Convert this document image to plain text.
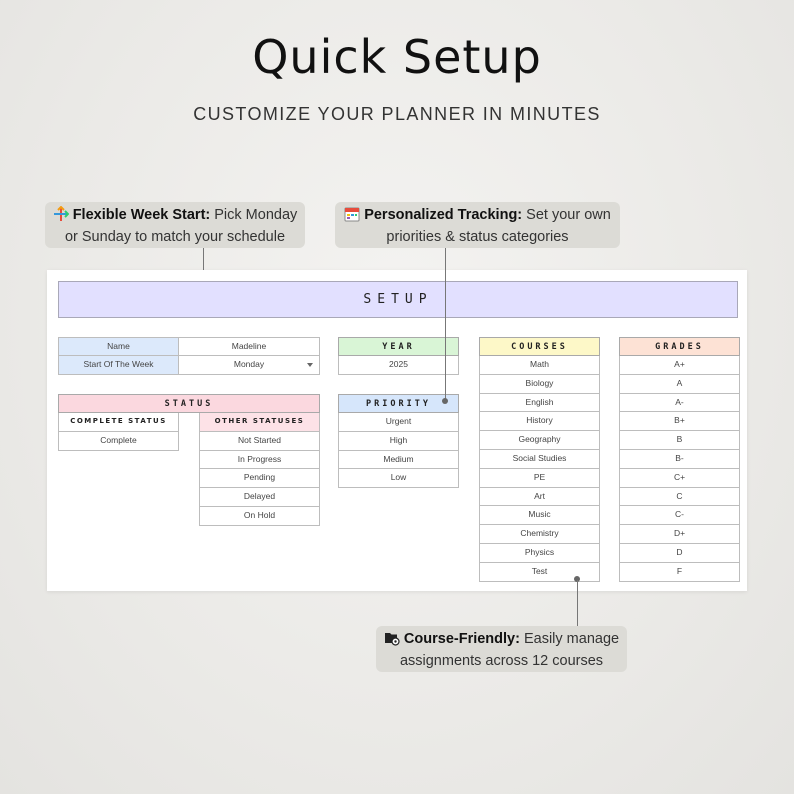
Quick Setup
CUSTOMIZE YOUR PLANNER IN MINUTES
Flexible Week Start: Pick Monday
or Sunday to match your schedule
Personalized Tracking: Set your own
priorities & status categories
SETUP
Name	Madeline
Start Of The Week	Monday
STATUS
COMPLETE STATUS
Complete
OTHER STATUSES
Not Started
In Progress
Pending
Delayed
On Hold
YEAR
2025
PRIORITY
Urgent
High
Medium
Low
COURSES
Math
Biology
English
History
Geography
Social Studies
PE
Art
Music
Chemistry
Physics
Test
GRADES
A+
A
A-
B+
B
B-
C+
C
C-
D+
D
F
Course-Friendly: Easily manage
assignments across 12 courses
